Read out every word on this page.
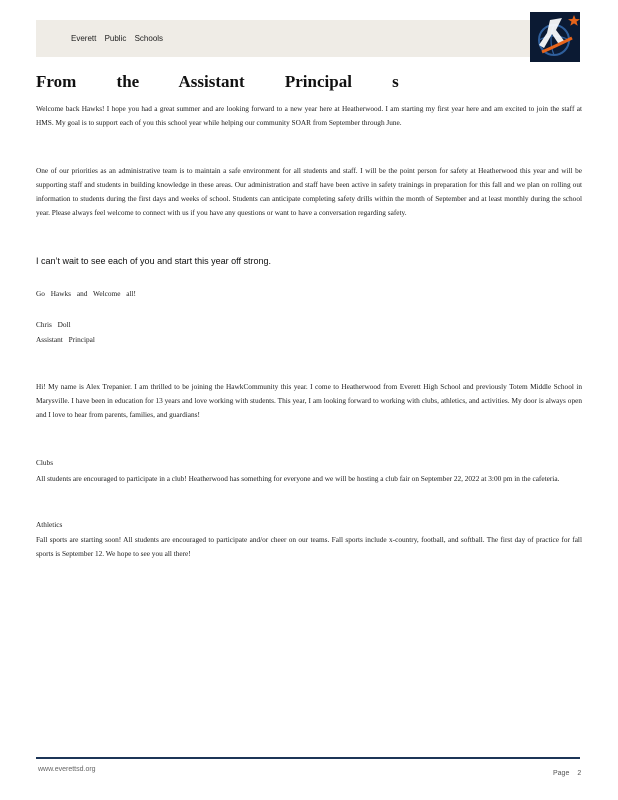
Everett Public Schools
From the Assistant Principal s

Welcome back Hawks! I hope you had a great summer and are looking forward to a new year here at Heatherwood. I am starting my first year here and am excited to join the staff at HMS. My goal is to support each of you this school year while helping our community SOAR from September through June.

One of our priorities as an administrative team is to maintain a safe environment for all students and staff. I will be the point person for safety at Heatherwood this year and will be supporting staff and students in building knowledge in these areas. Our administration and staff have been active in safety trainings in preparation for this fall and we plan on rolling out information to students during the first days and weeks of school. Students can anticipate completing safety drills within the month of September and at least monthly during the school year. Please always feel welcome to connect with us if you have any questions or want to have a conversation regarding safety.

I can’t wait to see each of you and start this year off strong.

Go Hawks and Welcome all!

Chris Doll

Assistant Principal

Hi! My name is Alex Trepanier. I am thrilled to be joining the HawkCommunity this year. I come to Heatherwood from Everett High School and previously Totem Middle School in Marysville. I have been in education for 13 years and love working with students. This year, I am looking forward to working with clubs, athletics, and activities. My door is always open and I love to hear from parents, families, and guardians!

Clubs

All students are encouraged to participate in a club! Heatherwood has something for everyone and we will be hosting a club fair on September 22, 2022 at 3:00 pm in the cafeteria.

Athletics

Fall sports are starting soon! All students are encouraged to participate and/or cheer on our teams. Fall sports include x-country, football, and softball. The first day of practice for fall sports is September 12. We hope to see you all there!

www.everettsd.org
Page 2
